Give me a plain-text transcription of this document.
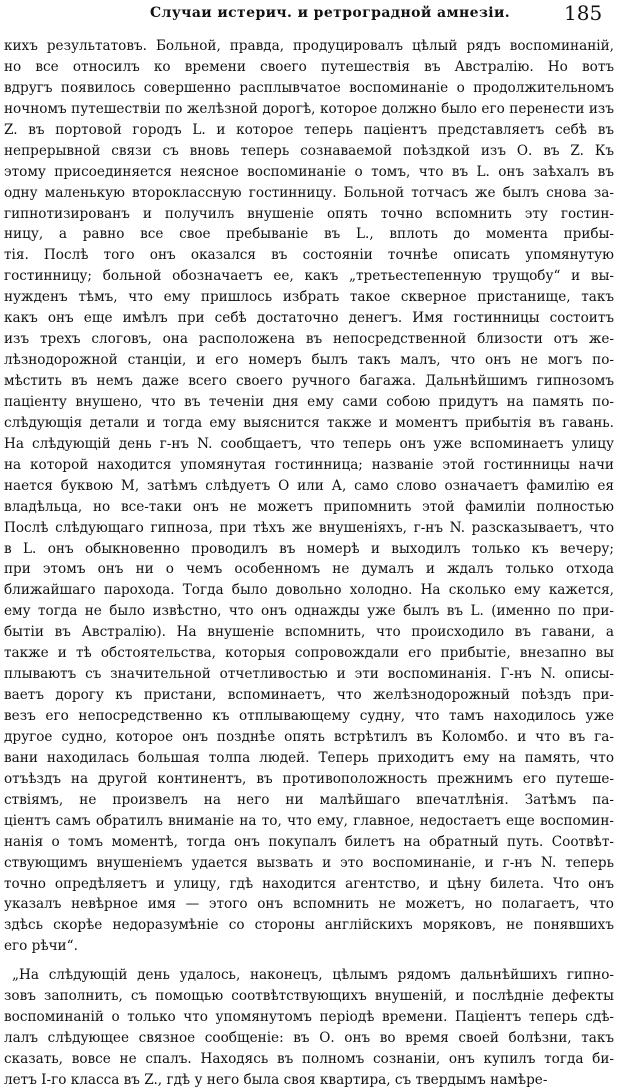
Случаи истерич. и ретроградной амнезіи.	185
кихъ результатовъ. Больной, правда, продуцировалъ цѣлый рядъ воспоминаній,
но все относилъ ко времени своего путешествія въ Австралію. Но вотъ
вдругъ появилось совершенно расплывчатое воспоминаніе о продолжительномъ
ночномъ путешествіи по желѣзной дорогѣ, которое должно было его перенести изъ
Z. въ портовой городъ L. и которое теперь паціентъ представляетъ себѣ въ
непрерывной связи съ вновь теперь сознаваемой поѣздкой изъ О. въ Z. Къ
этому присоединяется неясное воспоминаніе о томъ, что въ L. онъ заѣхалъ въ
одну маленькую второклассную гостинницу. Больной тотчасъ же былъ снова за-
гипнотизированъ и получилъ внушеніе опять точно вспомнить эту гостин-
ницу, а равно все свое пребываніе въ L., вплоть до момента прибы-
тія. Послѣ того онъ оказался въ состояніи точнѣе описать упомянутую
гостинницу; больной обозначаетъ ее, какъ „третьестепенную трущобу“ и вы-
нужденъ тѣмъ, что ему пришлось избрать такое скверное пристанище, такъ
какъ онъ еще имѣлъ при себѣ достаточно денегъ. Имя гостинницы состоитъ
изъ трехъ слоговъ, она расположена въ непосредственной близости отъ же-
лѣзнодорожной станціи, и его номеръ былъ такъ малъ, что онъ не могъ по-
мѣстить въ немъ даже всего своего ручного багажа. Дальнѣйшимъ гипнозомъ
паціенту внушено, что въ теченіи дня ему сами собою придутъ на память по-
слѣдующія детали и тогда ему выяснится также и моментъ прибытія въ гавань.
На слѣдующій день г-нъ N. сообщаетъ, что теперь онъ уже вспоминаетъ улицу
на которой находится упомянутая гостинница; названіе этой гостинницы начи
нается буквою М, затѣмъ слѣдуетъ О или А, само слово означаетъ фамилію ея
владѣльца, но все-таки онъ не можетъ припомнить этой фамиліи полностью
Послѣ слѣдующаго гипноза, при тѣхъ же внушеніяхъ, г-нъ N. разсказываетъ, что
в L. онъ обыкновенно проводилъ въ номерѣ и выходилъ только къ вечеру;
при этомъ онъ ни о чемъ особенномъ не думалъ и ждалъ только отхода
ближайшаго парохода. Тогда было довольно холодно. На сколько ему кажется,
ему тогда не было извѣстно, что онъ однажды уже былъ въ L. (именно по при-
бытіи въ Австралію). На внушеніе вспомнить, что происходило въ гавани, а
также и тѣ обстоятельства, которыя сопровождали его прибытіе, внезапно вы
плываютъ съ значительной отчетливостью и эти воспоминанія. Г-нъ N. описы-
ваетъ дорогу къ пристани, вспоминаетъ, что желѣзнодорожный поѣздъ при-
везъ его непосредственно къ отплывающему судну, что тамъ находилось уже
другое судно, которое онъ позднѣе опять встрѣтилъ въ Коломбо. и что въ га-
вани находилась большая толпа людей. Теперь приходитъ ему на память, что
отъѣздъ на другой континентъ, въ противоположность прежнимъ его путеше-
ствіямъ, не произвелъ на него ни малѣйшаго впечатлѣнія. Затѣмъ па-
ціентъ самъ обратилъ вниманіе на то, что ему, главное, недостаетъ еще воспомин-
нанія о томъ моментѣ, тогда онъ покупалъ билетъ на обратный путь. Соотвѣт-
ствующимъ внушеніемъ удается вызвать и это воспоминаніе, и г-нъ N. теперь
точно опредѣляетъ и улицу, гдѣ находится агентство, и цѣну билета. Что онъ
указалъ невѣрное имя — этого онъ вспомнить не можетъ, но полагаетъ, что
здѣсь скорѣе недоразумѣніе со стороны англійскихъ моряковъ, не понявшихъ
его рѣчи“.
„На слѣдующій день удалось, наконецъ, цѣлымъ рядомъ дальнѣйшихъ гипно-
зовъ заполнить, съ помощью соотвѣтствующихъ внушеній, и послѣдніе дефекты
воспоминаній о только что упомянутомъ періодѣ времени. Паціентъ теперь сдѣ-
лалъ слѣдующее связное сообщеніе: въ О. онъ во время своей болѣзни, такъ
сказать, вовсе не спалъ. Находясь въ полномъ сознаніи, онъ купилъ тогда би-
летъ І-го класса въ Z., гдѣ у него была своя квартира, съ твердымъ намѣре-
